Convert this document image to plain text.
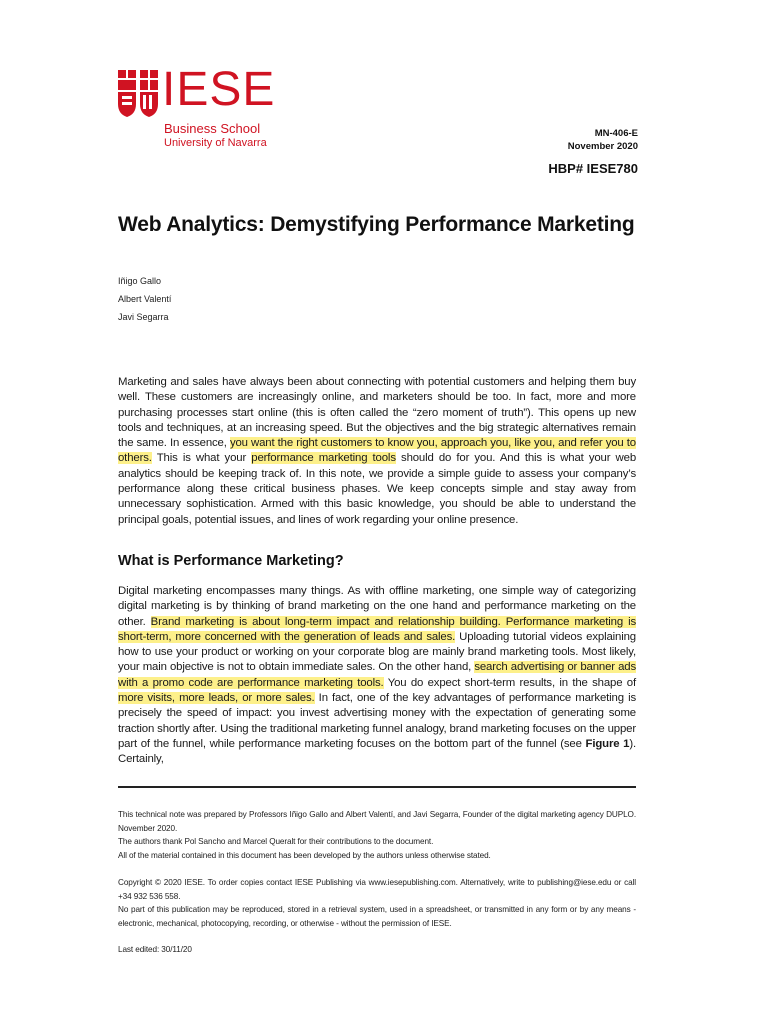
IESE
Business School
University of Navarra
MN-406-E
November 2020
HBP# IESE780
Web Analytics: Demystifying Performance Marketing
Iñigo Gallo
Albert Valentí
Javi Segarra
Marketing and sales have always been about connecting with potential customers and helping them buy well. These customers are increasingly online, and marketers should be too. In fact, more and more purchasing processes start online (this is often called the “zero moment of truth”). This opens up new tools and techniques, at an increasing speed. But the objectives and the big strategic alternatives remain the same. In essence, you want the right customers to know you, approach you, like you, and refer you to others. This is what your performance marketing tools should do for you. And this is what your web analytics should be keeping track of. In this note, we provide a simple guide to assess your company’s performance along these critical business phases. We keep concepts simple and stay away from unnecessary sophistication. Armed with this basic knowledge, you should be able to understand the principal goals, potential issues, and lines of work regarding your online presence.
What is Performance Marketing?
Digital marketing encompasses many things. As with offline marketing, one simple way of categorizing digital marketing is by thinking of brand marketing on the one hand and performance marketing on the other. Brand marketing is about long-term impact and relationship building. Performance marketing is short-term, more concerned with the generation of leads and sales. Uploading tutorial videos explaining how to use your product or working on your corporate blog are mainly brand marketing tools. Most likely, your main objective is not to obtain immediate sales. On the other hand, search advertising or banner ads with a promo code are performance marketing tools. You do expect short-term results, in the shape of more visits, more leads, or more sales. In fact, one of the key advantages of performance marketing is precisely the speed of impact: you invest advertising money with the expectation of generating some traction shortly after. Using the traditional marketing funnel analogy, brand marketing focuses on the upper part of the funnel, while performance marketing focuses on the bottom part of the funnel (see Figure 1). Certainly,
This technical note was prepared by Professors Iñigo Gallo and Albert Valentí, and Javi Segarra, Founder of the digital marketing agency DUPLO. November 2020.
The authors thank Pol Sancho and Marcel Queralt for their contributions to the document.
All of the material contained in this document has been developed by the authors unless otherwise stated.
Copyright © 2020 IESE. To order copies contact IESE Publishing via www.iesepublishing.com. Alternatively, write to publishing@iese.edu or call +34 932 536 558.
No part of this publication may be reproduced, stored in a retrieval system, used in a spreadsheet, or transmitted in any form or by any means - electronic, mechanical, photocopying, recording, or otherwise - without the permission of IESE.
Last edited: 30/11/20
